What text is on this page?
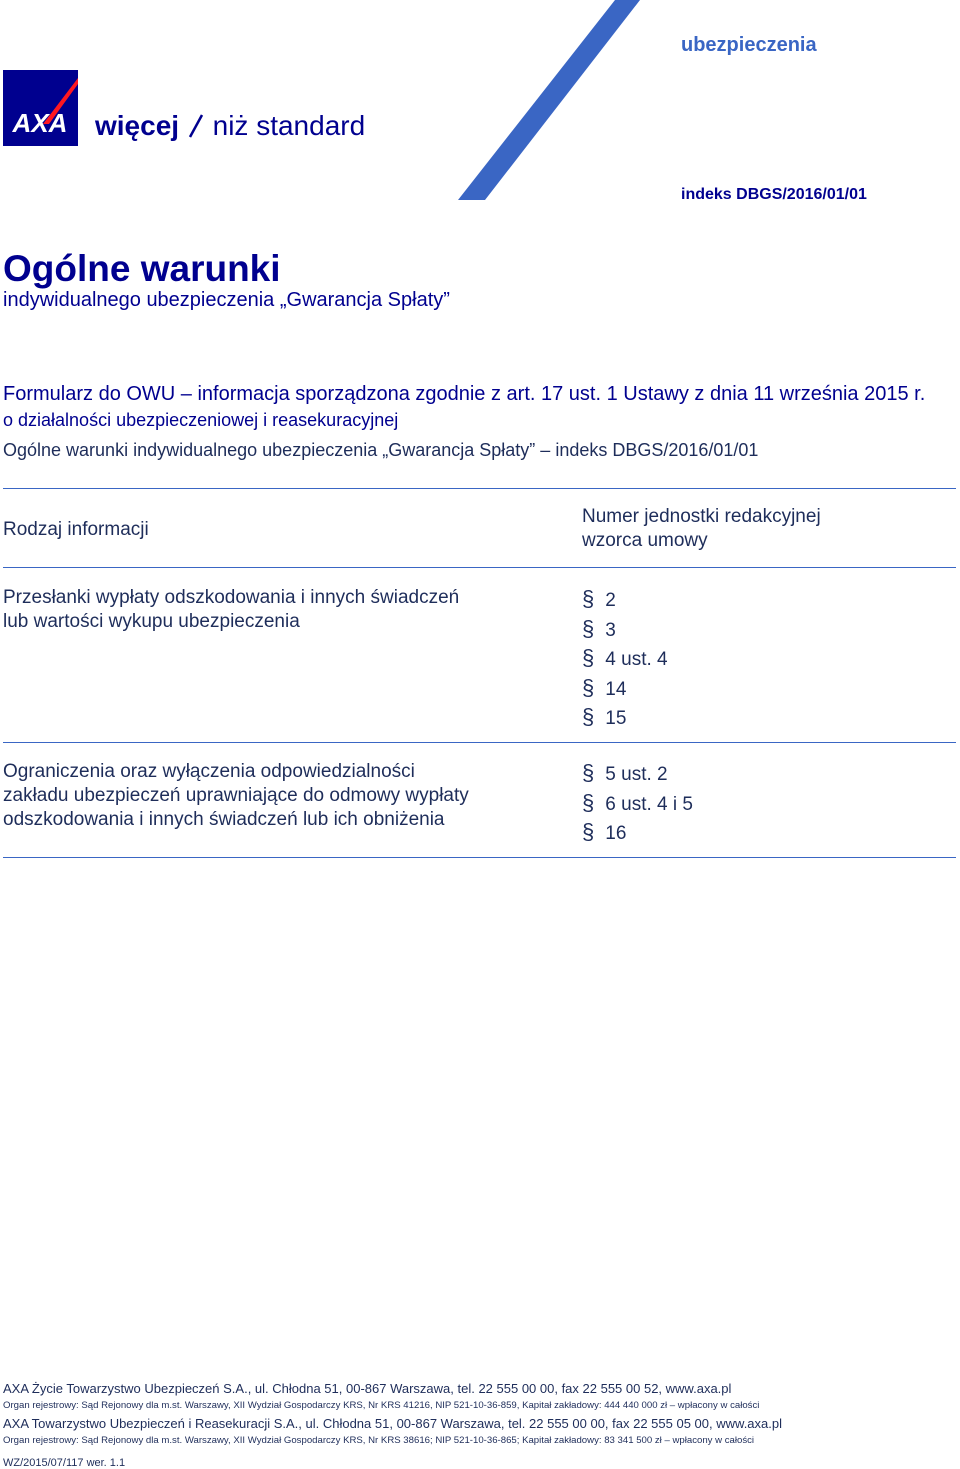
AXA więcej niż standard
ubezpieczenia
indeks DBGS/2016/01/01
Ogólne warunki
indywidualnego ubezpieczenia „Gwarancja Spłaty”
Formularz do OWU – informacja sporządzona zgodnie z art. 17 ust. 1 Ustawy z dnia 11 września 2015 r.
o działalności ubezpieczeniowej i reasekuracyjnej
Ogólne warunki indywidualnego ubezpieczenia „Gwarancja Spłaty” – indeks DBGS/2016/01/01
Rodzaj informacji
Numer jednostki redakcyjnej
wzorca umowy
Przesłanki wypłaty odszkodowania i innych świadczeń
lub wartości wykupu ubezpieczenia
§ 2
§ 3
§ 4 ust. 4
§ 14
§ 15
Ograniczenia oraz wyłączenia odpowiedzialności
zakładu ubezpieczeń uprawniające do odmowy wypłaty
odszkodowania i innych świadczeń lub ich obniżenia
§ 5 ust. 2
§ 6 ust. 4 i 5
§ 16
AXA Życie Towarzystwo Ubezpieczeń S.A., ul. Chłodna 51, 00-867 Warszawa, tel. 22 555 00 00, fax 22 555 00 52, www.axa.pl
Organ rejestrowy: Sąd Rejonowy dla m.st. Warszawy, XII Wydział Gospodarczy KRS, Nr KRS 41216, NIP 521-10-36-859, Kapitał zakładowy: 444 440 000 zł – wpłacony w całości
AXA Towarzystwo Ubezpieczeń i Reasekuracji S.A., ul. Chłodna 51, 00-867 Warszawa, tel. 22 555 00 00, fax 22 555 05 00, www.axa.pl
Organ rejestrowy: Sąd Rejonowy dla m.st. Warszawy, XII Wydział Gospodarczy KRS, Nr KRS 38616; NIP 521-10-36-865; Kapitał zakładowy: 83 341 500 zł – wpłacony w całości
WZ/2015/07/117 wer. 1.1
